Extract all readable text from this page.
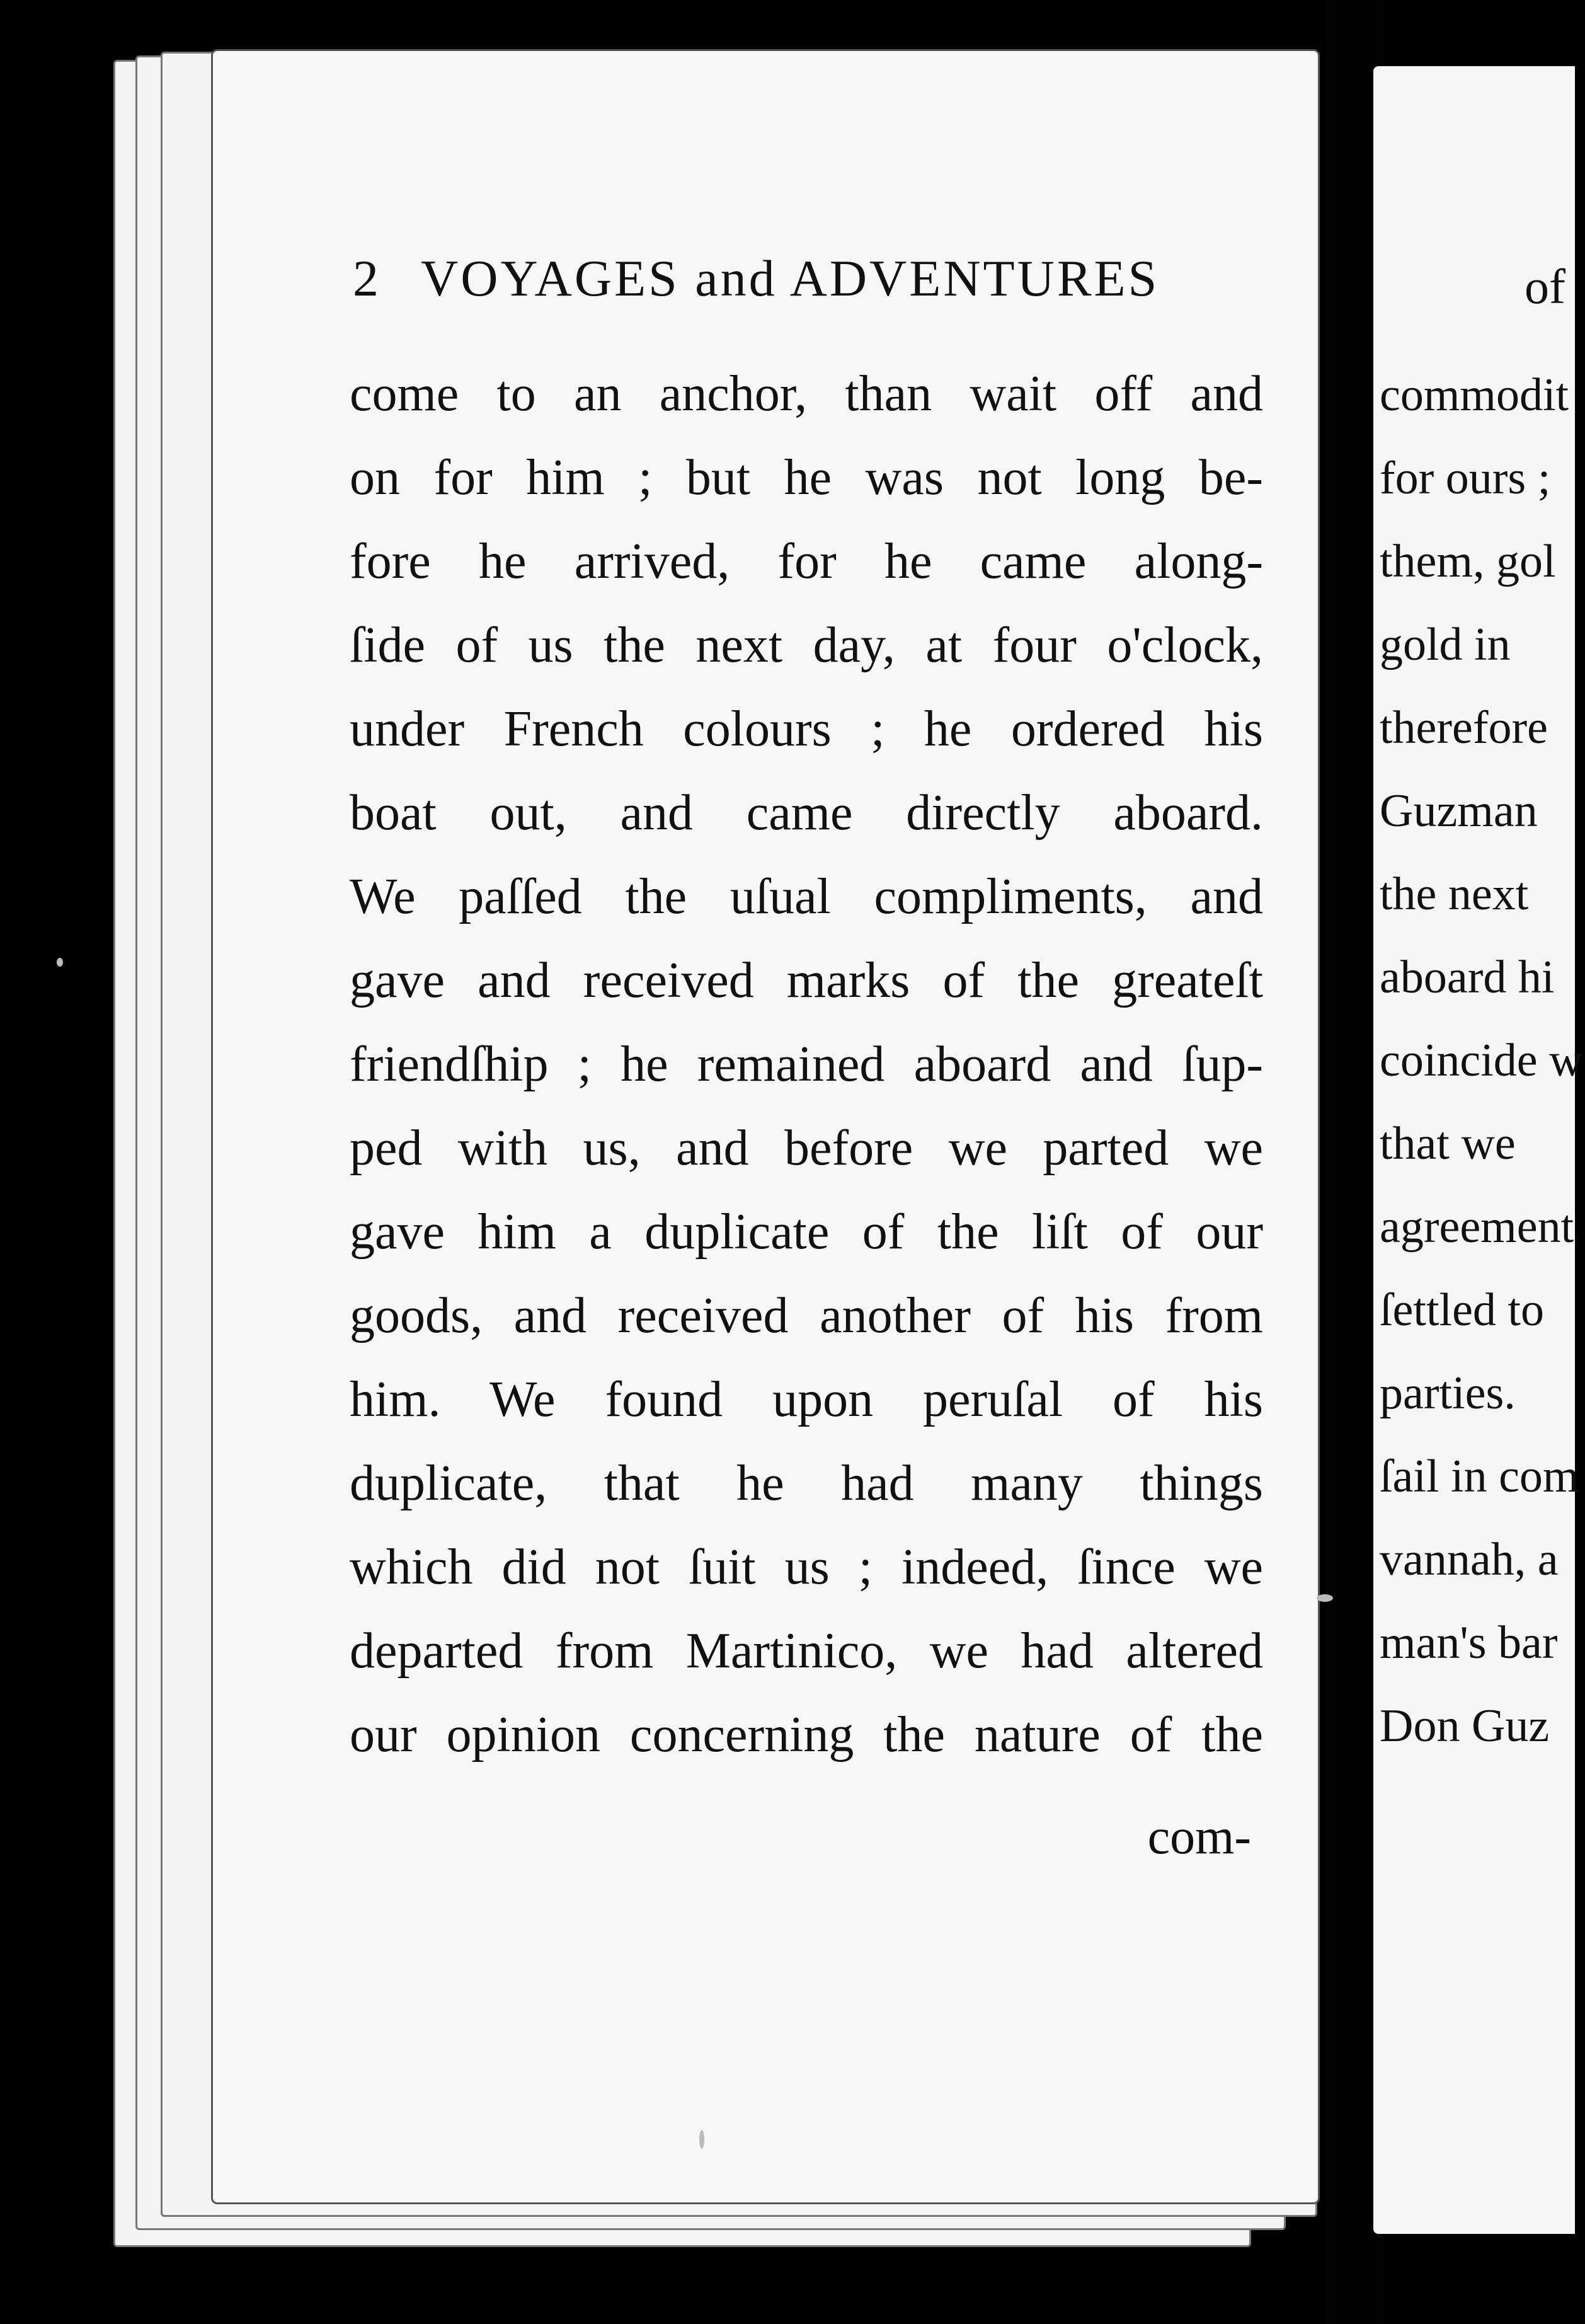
2 VOYAGES and ADVENTURES
come to an anchor, than wait off and
on for him ; but he was not long be-
fore he arrived, for he came along-
ſide of us the next day, at four o'clock,
under French colours ; he ordered his
boat out, and came directly aboard.
We paſſed the uſual compliments, and
gave and received marks of the greateſt
friendſhip ; he remained aboard and ſup-
ped with us, and before we parted we
gave him a duplicate of the liſt of our
goods, and received another of his from
him. We found upon peruſal of his
duplicate, that he had many things
which did not ſuit us ; indeed, ſince we
departed from Martinico, we had altered
our opinion concerning the nature of the
com-
of
commodit
for ours ;
them, gol
gold in
therefore
Guzman
the next
aboard hi
coincide w
that we
agreement
ſettled to
parties.
ſail in com
vannah, a
man's bar
Don Guz
